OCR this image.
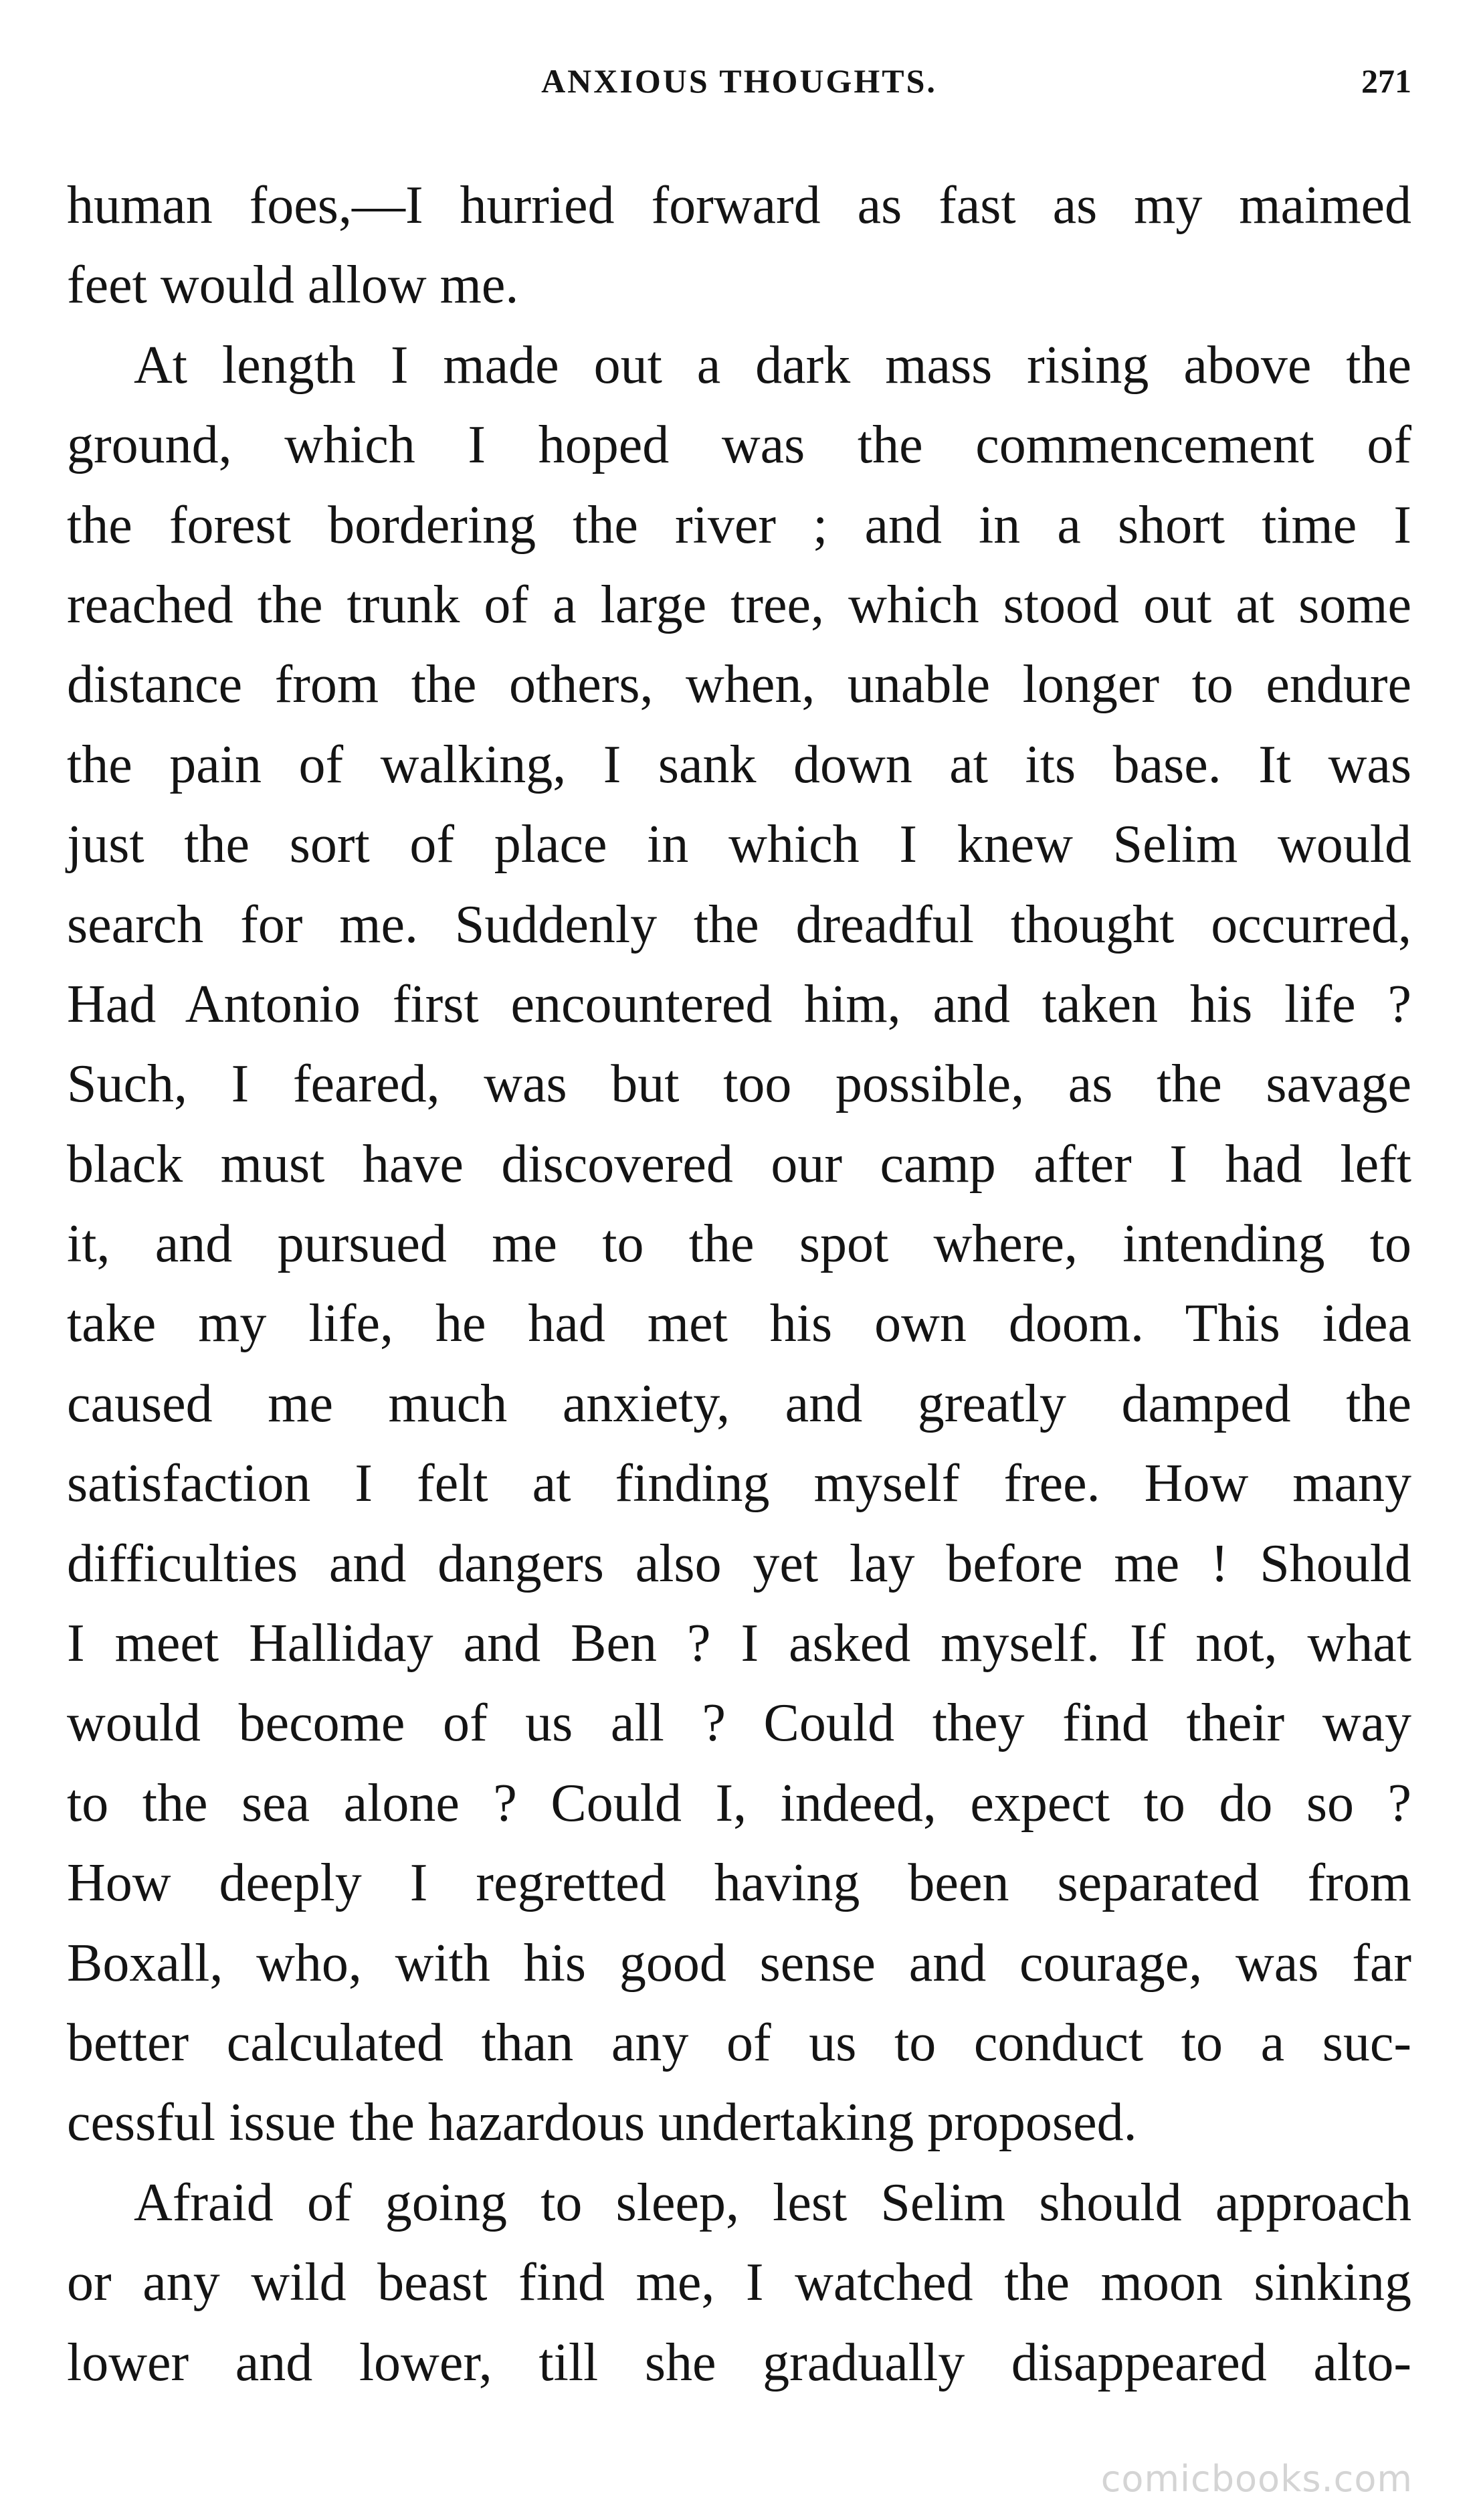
ANXIOUS THOUGHTS.	271
human foes,—I hurried forward as fast as my maimed
feet would allow me.
At length I made out a dark mass rising above the
ground, which I hoped was the commencement of
the forest bordering the river ; and in a short time I
reached the trunk of a large tree, which stood out at some
distance from the others, when, unable longer to endure
the pain of walking, I sank down at its base. It was
just the sort of place in which I knew Selim would
search for me. Suddenly the dreadful thought occurred,
Had Antonio first encountered him, and taken his life ?
Such, I feared, was but too possible, as the savage
black must have discovered our camp after I had left
it, and pursued me to the spot where, intending to
take my life, he had met his own doom. This idea
caused me much anxiety, and greatly damped the
satisfaction I felt at finding myself free. How many
difficulties and dangers also yet lay before me ! Should
I meet Halliday and Ben ? I asked myself. If not, what
would become of us all ? Could they find their way
to the sea alone ? Could I, indeed, expect to do so ?
How deeply I regretted having been separated from
Boxall, who, with his good sense and courage, was far
better calculated than any of us to conduct to a suc-
cessful issue the hazardous undertaking proposed.
Afraid of going to sleep, lest Selim should approach
or any wild beast find me, I watched the moon sinking
lower and lower, till she gradually disappeared alto-
comicbooks.com
